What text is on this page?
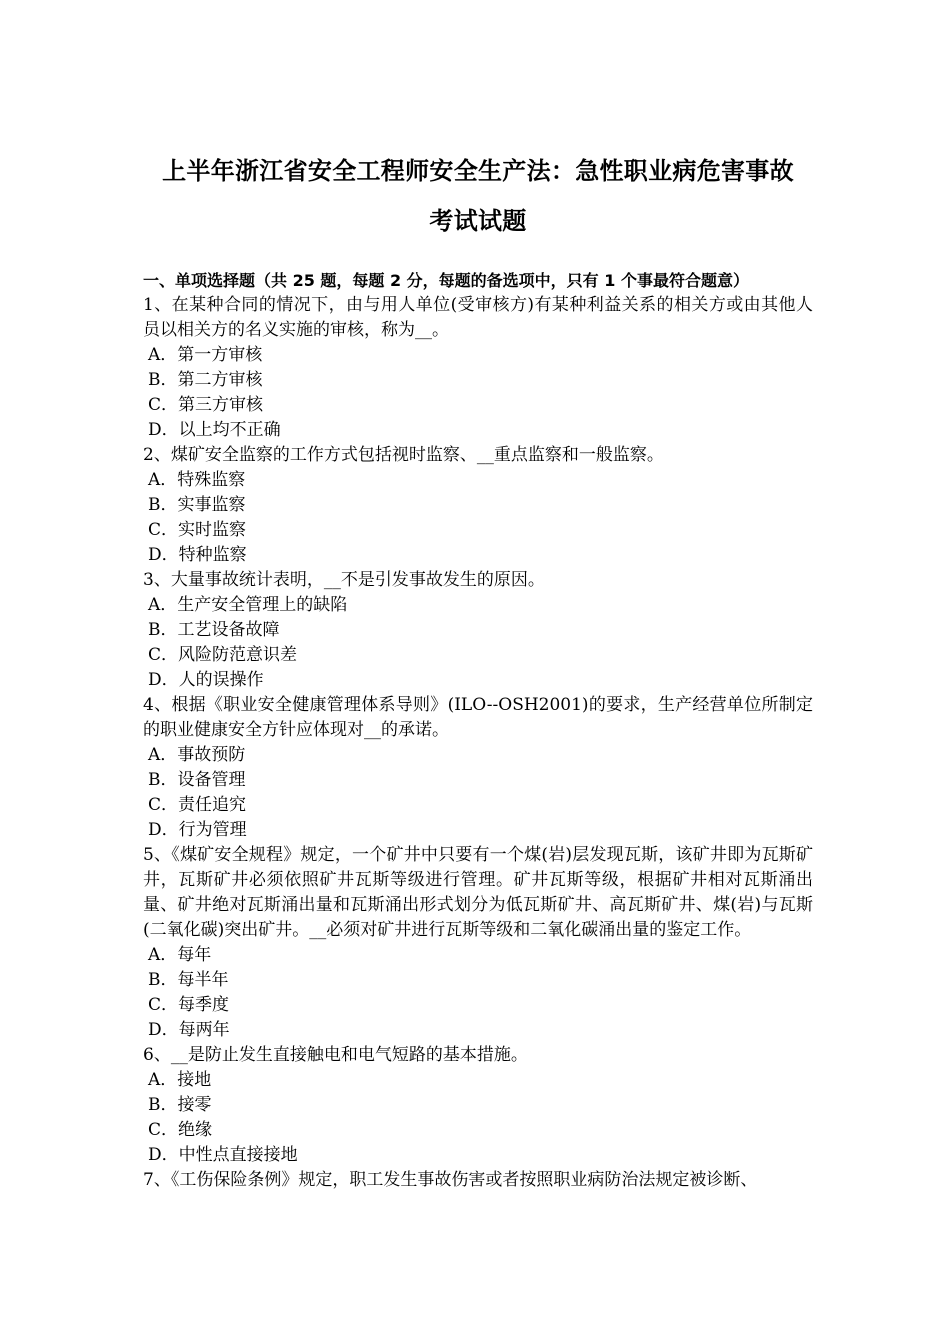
上半年浙江省安全工程师安全生产法：急性职业病危害事故
考试试题
一、单项选择题（共 25 题，每题 2 分，每题的备选项中，只有 1 个事最符合题意）
1、在某种合同的情况下，由与用人单位(受审核方)有某种利益关系的相关方或由其他人员以相关方的名义实施的审核，称为__。
A．第一方审核
B．第二方审核
C．第三方审核
D．以上均不正确
2、煤矿安全监察的工作方式包括视时监察、__重点监察和一般监察。
A．特殊监察
B．实事监察
C．实时监察
D．特种监察
3、大量事故统计表明，__不是引发事故发生的原因。
A．生产安全管理上的缺陷
B．工艺设备故障
C．风险防范意识差
D．人的误操作
4、根据《职业安全健康管理体系导则》(ILO--OSH2001)的要求，生产经营单位所制定的职业健康安全方针应体现对__的承诺。
A．事故预防
B．设备管理
C．责任追究
D．行为管理
5、《煤矿安全规程》规定，一个矿井中只要有一个煤(岩)层发现瓦斯，该矿井即为瓦斯矿井，瓦斯矿井必须依照矿井瓦斯等级进行管理。矿井瓦斯等级，根据矿井相对瓦斯涌出量、矿井绝对瓦斯涌出量和瓦斯涌出形式划分为低瓦斯矿井、高瓦斯矿井、煤(岩)与瓦斯(二氧化碳)突出矿井。__必须对矿井进行瓦斯等级和二氧化碳涌出量的鉴定工作。
A．每年
B．每半年
C．每季度
D．每两年
6、__是防止发生直接触电和电气短路的基本措施。
A．接地
B．接零
C．绝缘
D．中性点直接接地
7、《工伤保险条例》规定，职工发生事故伤害或者按照职业病防治法规定被诊断、
